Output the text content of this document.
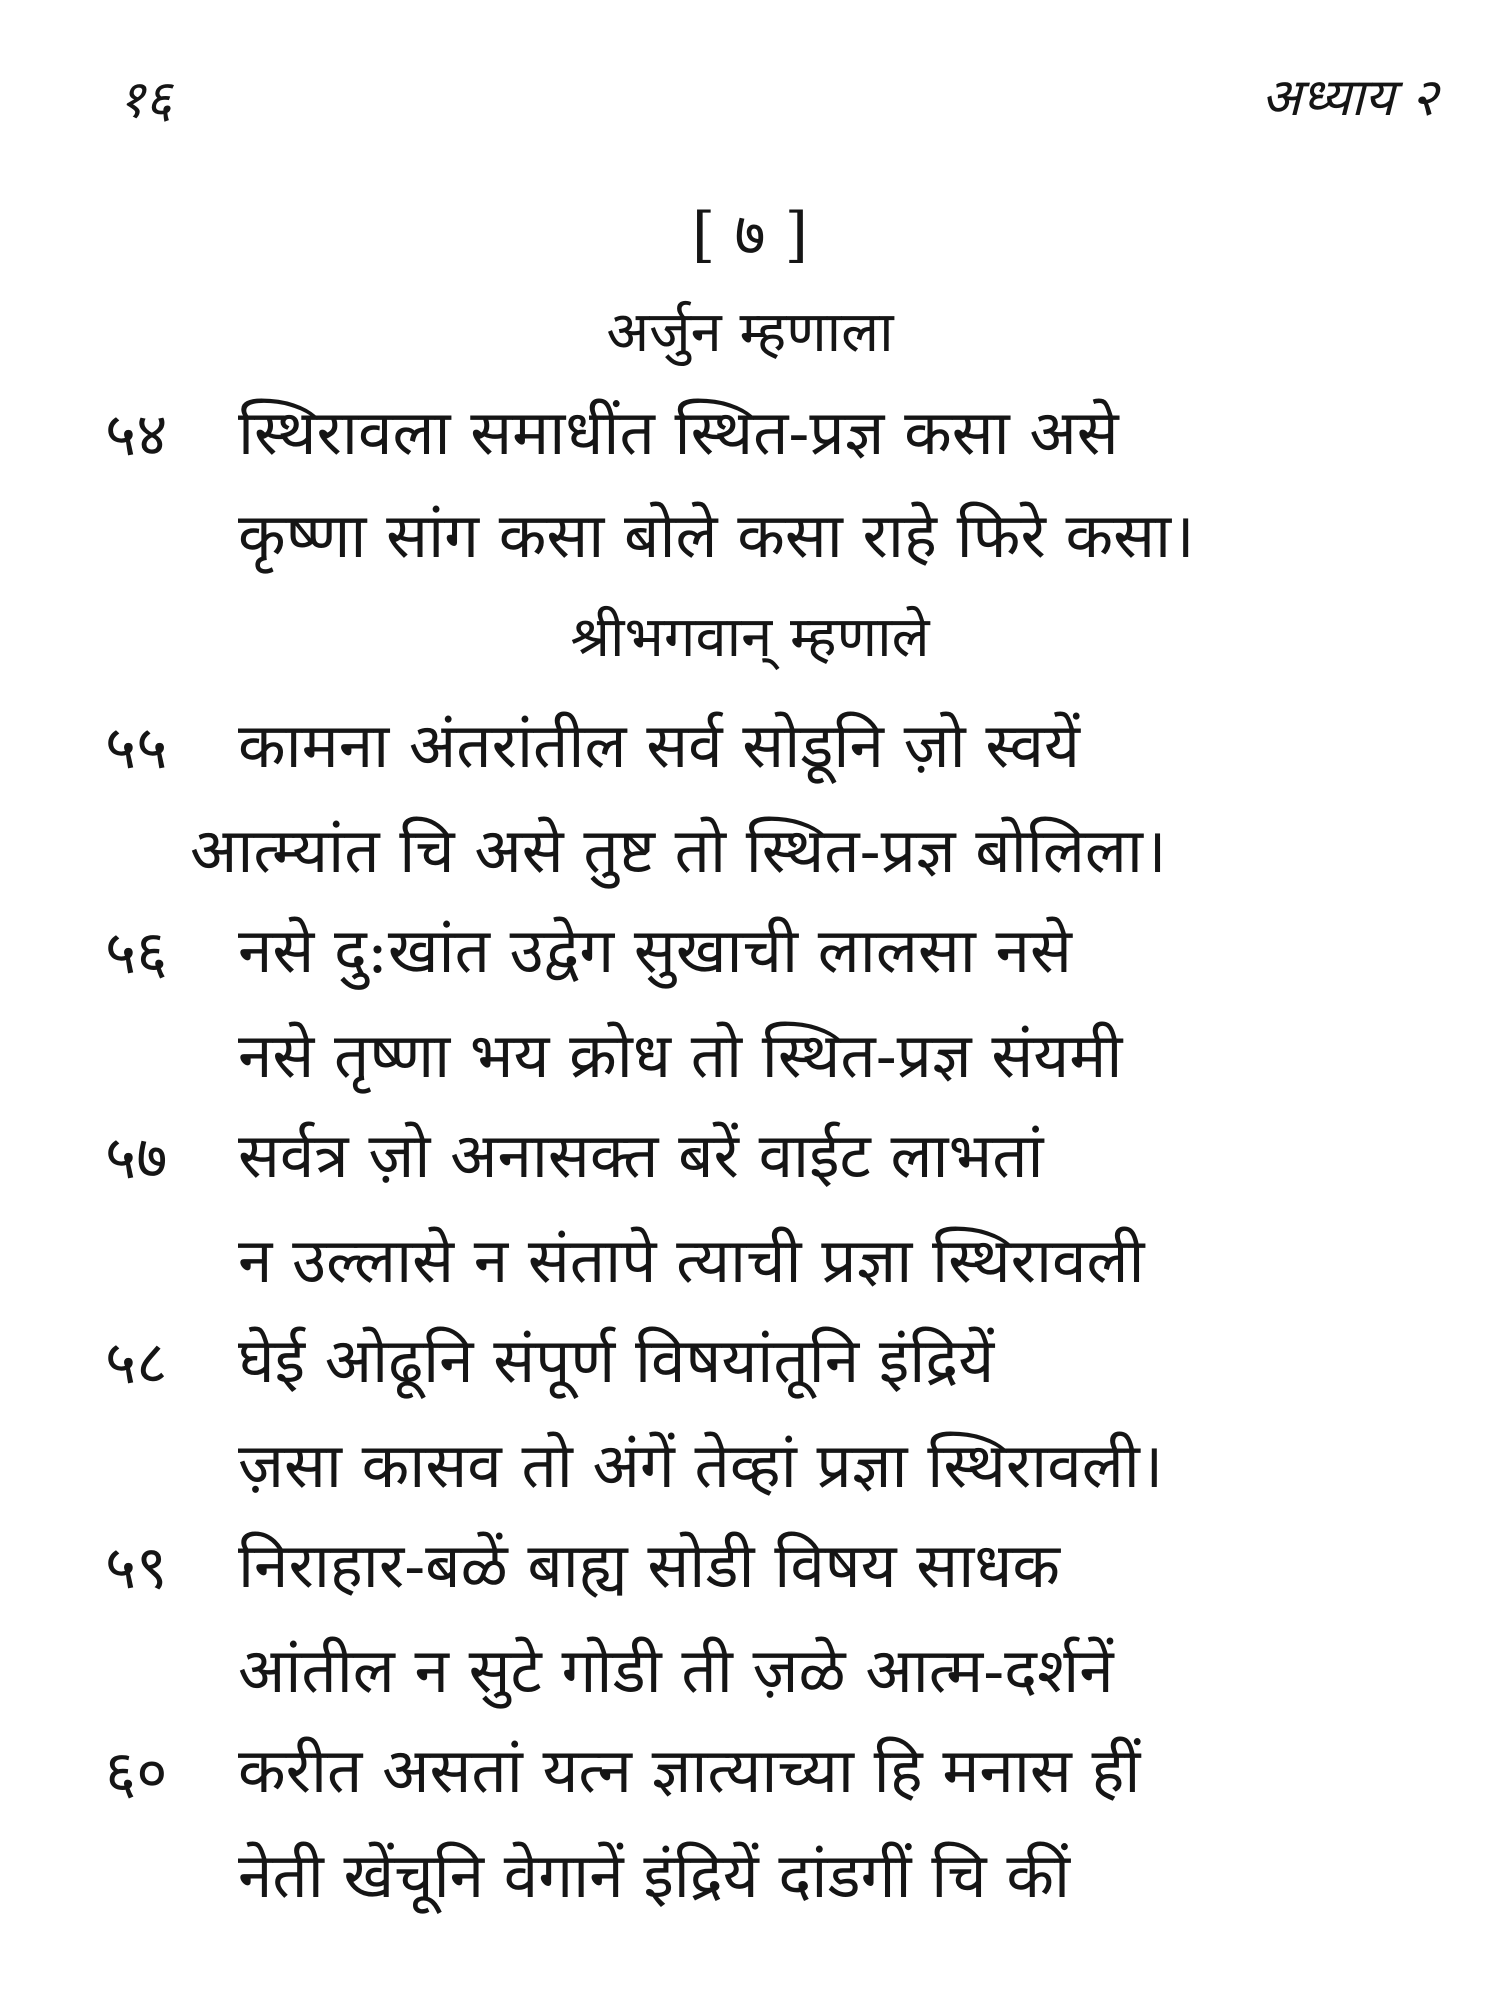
१६	अध्याय २
[ ७ ]
अर्जुन म्हणाला
५४	स्थिरावला समाधींत स्थित-प्रज्ञ कसा असे
कृष्णा सांग कसा बोले कसा राहे फिरे कसा।
श्रीभगवान् म्हणाले
५५	कामना अंतरांतील सर्व सोडूनि ज़ो स्वयें
आत्म्यांत चि असे तुष्ट तो स्थित-प्रज्ञ बोलिला।
५६	नसे दु:खांत उद्वेग सुखाची लालसा नसे
नसे तृष्णा भय क्रोध तो स्थित-प्रज्ञ संयमी
५७	सर्वत्र ज़ो अनासक्त बरें वाईट लाभतां
न उल्लासे न संतापे त्याची प्रज्ञा स्थिरावली
५८	घेई ओढूनि संपूर्ण विषयांतूनि इंद्रियें
ज़सा कासव तो अंगें तेव्हां प्रज्ञा स्थिरावली।
५९	निराहार-बळें बाह्य सोडी विषय साधक
आंतील न सुटे गोडी ती ज़ळे आत्म-दर्शनें
६०	करीत असतां यत्न ज्ञात्याच्या हि मनास हीं
नेती खेंचूनि वेगानें इंद्रियें दांडगीं चि कीं
